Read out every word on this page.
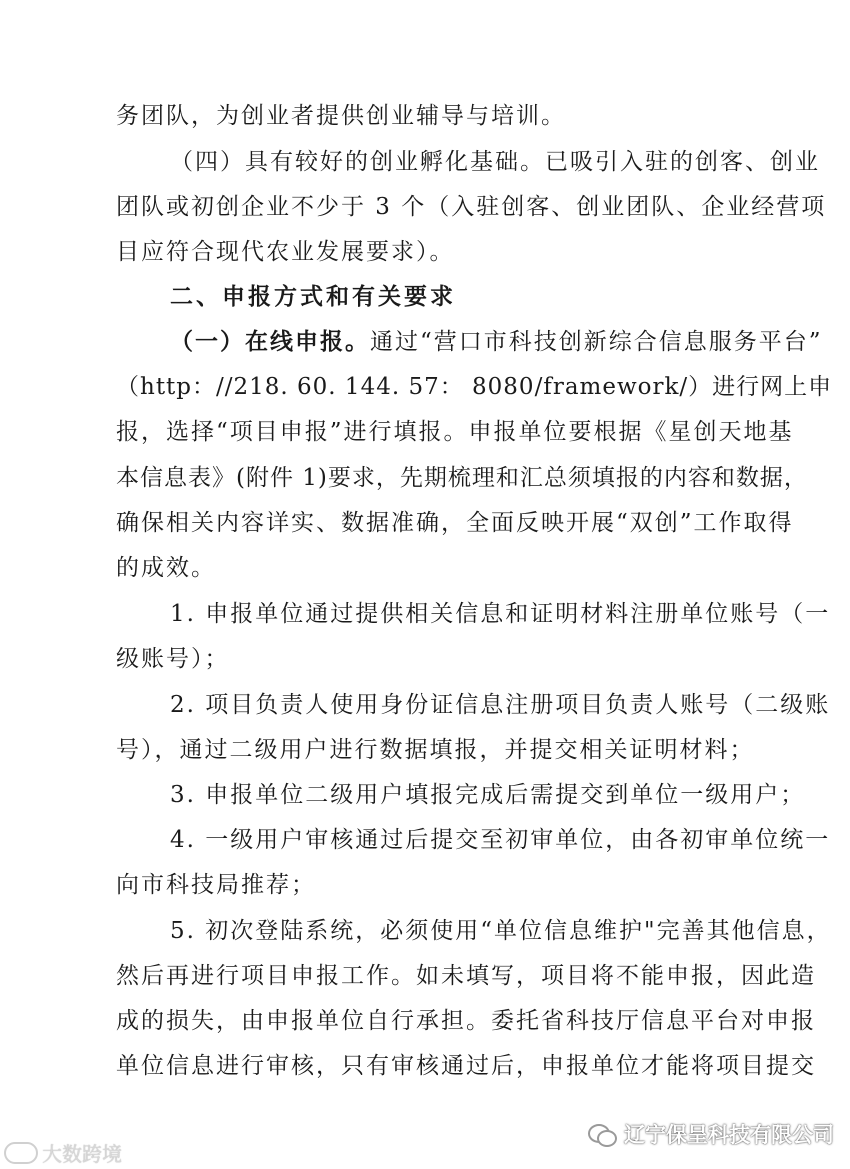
务团队，为创业者提供创业辅导与培训。
（四）具有较好的创业孵化基础。已吸引入驻的创客、创业
团队或初创企业不少于 3 个（入驻创客、创业团队、企业经营项
目应符合现代农业发展要求）。
二、申报方式和有关要求
（一）在线申报。通过“营口市科技创新综合信息服务平台”
（http：//218. 60. 144. 57： 8080/framework/）进行网上申
报，选择“项目申报”进行填报。申报单位要根据《星创天地基
本信息表》(附件 1)要求，先期梳理和汇总须填报的内容和数据，
确保相关内容详实、数据准确，全面反映开展“双创”工作取得
的成效。
1. 申报单位通过提供相关信息和证明材料注册单位账号（一
级账号）；
2. 项目负责人使用身份证信息注册项目负责人账号（二级账
号），通过二级用户进行数据填报，并提交相关证明材料；
3. 申报单位二级用户填报完成后需提交到单位一级用户；
4. 一级用户审核通过后提交至初审单位，由各初审单位统一
向市科技局推荐；
5. 初次登陆系统，必须使用“单位信息维护"完善其他信息，
然后再进行项目申报工作。如未填写，项目将不能申报，因此造
成的损失，由申报单位自行承担。委托省科技厅信息平台对申报
单位信息进行审核，只有审核通过后，申报单位才能将项目提交
大数跨境
辽宁保呈科技有限公司
